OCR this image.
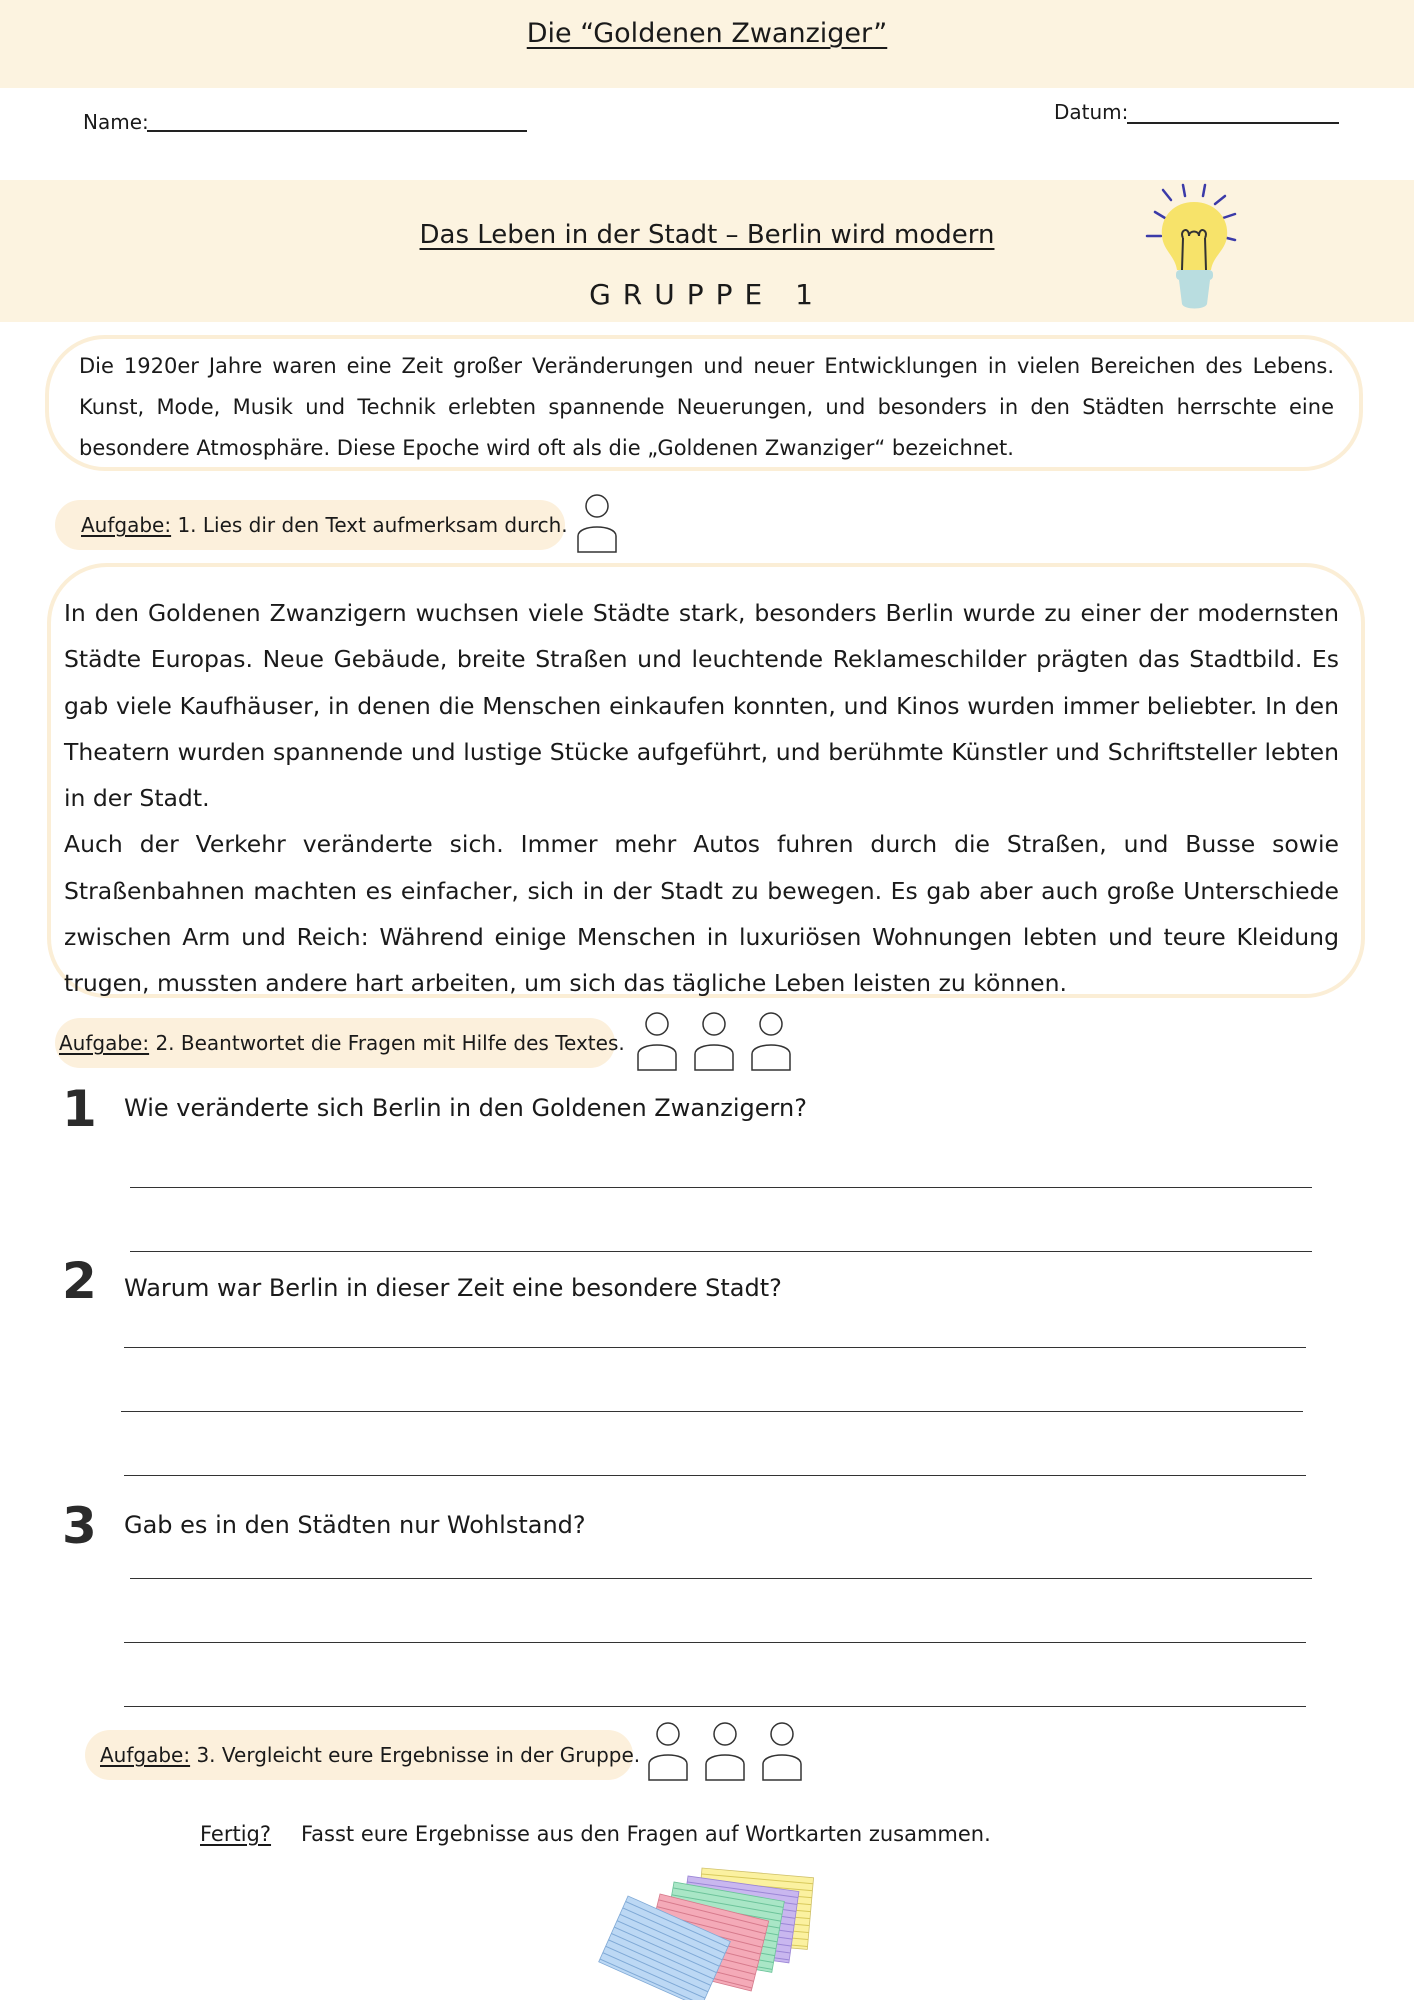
Die “Goldenen Zwanziger”
Name:	Datum:
Das Leben in der Stadt – Berlin wird modern
GRUPPE 1
Die 1920er Jahre waren eine Zeit großer Veränderungen und neuer Entwicklungen in vielen Bereichen des Lebens. Kunst, Mode, Musik und Technik erlebten spannende Neuerungen, und besonders in den Städten herrschte eine besondere Atmosphäre. Diese Epoche wird oft als die „Goldenen Zwanziger“ bezeichnet.
Aufgabe: 1. Lies dir den Text aufmerksam durch.
In den Goldenen Zwanzigern wuchsen viele Städte stark, besonders Berlin wurde zu einer der modernsten Städte Europas. Neue Gebäude, breite Straßen und leuchtende Reklameschilder prägten das Stadtbild. Es gab viele Kaufhäuser, in denen die Menschen einkaufen konnten, und Kinos wurden immer beliebter. In den Theatern wurden spannende und lustige Stücke aufgeführt, und berühmte Künstler und Schriftsteller lebten in der Stadt.
Auch der Verkehr veränderte sich. Immer mehr Autos fuhren durch die Straßen, und Busse sowie Straßenbahnen machten es einfacher, sich in der Stadt zu bewegen. Es gab aber auch große Unterschiede zwischen Arm und Reich: Während einige Menschen in luxuriösen Wohnungen lebten und teure Kleidung trugen, mussten andere hart arbeiten, um sich das tägliche Leben leisten zu können.
Aufgabe: 2. Beantwortet die Fragen mit Hilfe des Textes.
1 Wie veränderte sich Berlin in den Goldenen Zwanzigern?
2 Warum war Berlin in dieser Zeit eine besondere Stadt?
3 Gab es in den Städten nur Wohlstand?
Aufgabe: 3. Vergleicht eure Ergebnisse in der Gruppe.
Fertig? Fasst eure Ergebnisse aus den Fragen auf Wortkarten zusammen.
